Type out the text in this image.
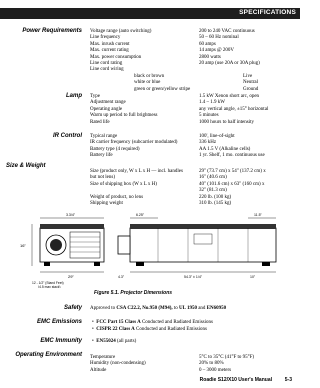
SPECIFICATIONS
Power Requirements Voltage range (auto switching)	200 to 240 VAC continuous
Line frequency	50 – 60 Hz nominal
Max. inrush current	60 amps
Max. current rating	14 amps @ 200V
Max. power consumption	2800 watts
Line cord rating	20 amp (use 20A or 30A plug)
Line cord wiring
black or brown	Live
white or blue	Neutral
green or green/yellow stripe	Ground
Lamp Type	1.5 kW Xenon short arc, open
Adjustment range	1.4 – 1.9 kW
Operating angle	any vertical angle, ±15° horizontal
Warm up period to full brightness	5 minutes
Rated life	1000 hours to half intensity
IR Control Typical range	100', line-of-sight
IR carrier frequency (subcarrier modulated)	336 kHz
Battery type (4 required)	AA 1.5 V (Alkaline cells)
Battery life	1 yr. Shelf, 1 mo. continuous use
Size & Weight
Size (product only, W x L x H — incl. handles	29" (73.7 cm) x 54" (137.2 cm) x
but not lens)	16" (40.6 cm)
Size of shipping box (W x L x H)	40" (101.6 cm) x 63" (160 cm) x
32" (81.3 cm)
Weight of product, no lens	220 lb. (100 kg)
Shipping weight	310 lb. (145 kg)
16"
3.3/4"
29"
12 - 1/2" (Stand Feet)
(4.5 max stack)
6.25"
54.3" ± 1/4"
11.5"
10"
4.3"
Figure 5.1. Projector Dimensions
Safety Approved to CSA C22.2, No.950 (M94), to UL 1950 and EN60950
EMC Emissions •  FCC Part 15 Class A Conducted and Radiated Emissions
•  CISPR 22 Class A Conducted and Radiated Emissions
EMC Immunity •  EN55024 (all parts)
Operating Environment Temperature	5°C to 35°C (41°F to 95°F)
Humidity (non-condensing)	20% to 80%
Altitude	0 – 3000 meters
Roadie S12/X10 User's Manual	5-3
